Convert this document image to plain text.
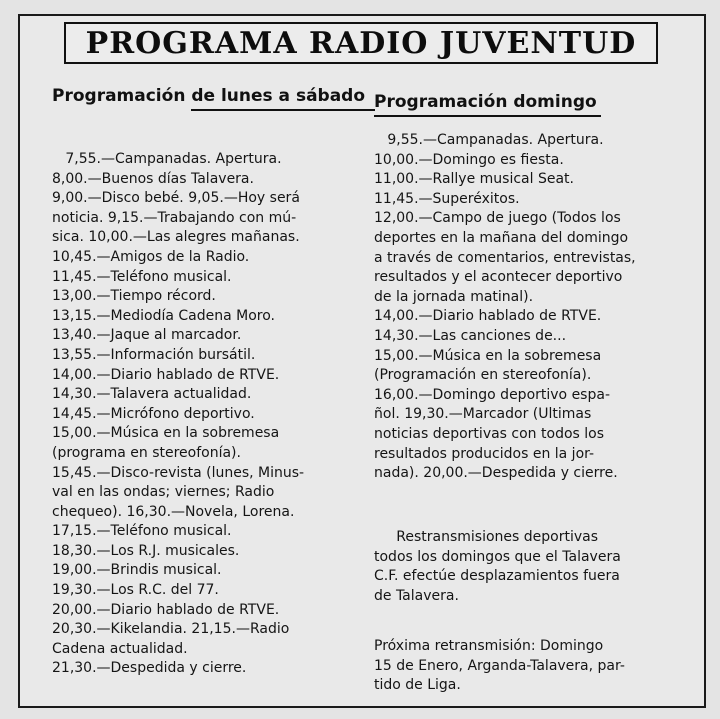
PROGRAMA RADIO JUVENTUD
Programación de lunes a sábado Programación domingo
7,55.—Campanadas. Apertura.
8,00.—Buenos días Talavera.
9,00.—Disco bebé. 9,05.—Hoy será
noticia. 9,15.—Trabajando con mú-
sica. 10,00.—Las alegres mañanas.
10,45.—Amigos de la Radio.
11,45.—Teléfono musical.
13,00.—Tiempo récord.
13,15.—Mediodía Cadena Moro.
13,40.—Jaque al marcador.
13,55.—Información bursátil.
14,00.—Diario hablado de RTVE.
14,30.—Talavera actualidad.
14,45.—Micrófono deportivo.
15,00.—Música en la sobremesa
(programa en stereofonía).
15,45.—Disco-revista (lunes, Minus-
val en las ondas; viernes; Radio
chequeo). 16,30.—Novela, Lorena.
17,15.—Teléfono musical.
18,30.—Los R.J. musicales.
19,00.—Brindis musical.
19,30.—Los R.C. del 77.
20,00.—Diario hablado de RTVE.
20,30.—Kikelandia. 21,15.—Radio
Cadena actualidad.
21,30.—Despedida y cierre.
9,55.—Campanadas. Apertura.
10,00.—Domingo es fiesta.
11,00.—Rallye musical Seat.
11,45.—Superéxitos.
12,00.—Campo de juego (Todos los
deportes en la mañana del domingo
a través de comentarios, entrevistas,
resultados y el acontecer deportivo
de la jornada matinal).
14,00.—Diario hablado de RTVE.
14,30.—Las canciones de...
15,00.—Música en la sobremesa
(Programación en stereofonía).
16,00.—Domingo deportivo espa-
ñol. 19,30.—Marcador (Ultimas
noticias deportivas con todos los
resultados producidos en la jor-
nada). 20,00.—Despedida y cierre.
Restransmisiones deportivas
todos los domingos que el Talavera
C.F. efectúe desplazamientos fuera
de Talavera.
Próxima retransmisión: Domingo
15 de Enero, Arganda-Talavera, par-
tido de Liga.
